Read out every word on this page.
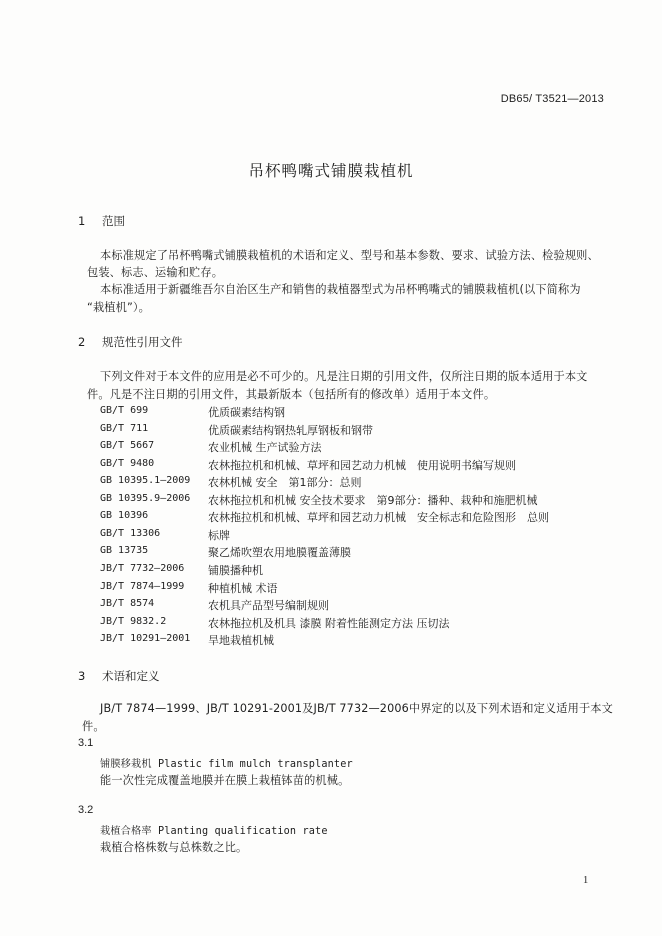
DB65/ T3521—2013
吊杯鸭嘴式铺膜栽植机
1 范围
本标准规定了吊杯鸭嘴式铺膜栽植机的术语和定义、型号和基本参数、要求、试验方法、检验规则、
包装、标志、运输和贮存。
本标准适用于新疆维吾尔自治区生产和销售的栽植器型式为吊杯鸭嘴式的铺膜栽植机(以下简称为
“栽植机”）。
2 规范性引用文件
下列文件对于本文件的应用是必不可少的。凡是注日期的引用文件，仅所注日期的版本适用于本文
件。凡是不注日期的引用文件，其最新版本（包括所有的修改单）适用于本文件。
GB/T 699	优质碳素结构钢
GB/T 711	优质碳素结构钢热轧厚钢板和钢带
GB/T 5667	农业机械 生产试验方法
GB/T 9480	农林拖拉机和机械、草坪和园艺动力机械　使用说明书编写规则
GB 10395.1—2009 农林机械 安全　第1部分：总则
GB 10395.9—2006 农林拖拉机和机械 安全技术要求　第9部分：播种、栽种和施肥机械
GB 10396	农林拖拉机和机械、草坪和园艺动力机械　安全标志和危险图形　总则
GB/T 13306	标牌
GB 13735	聚乙烯吹塑农用地膜覆盖薄膜
JB/T 7732—2006 铺膜播种机
JB/T 7874—1999 种植机械 术语
JB/T 8574	农机具产品型号编制规则
JB/T 9832.2	农林拖拉机及机具 漆膜 附着性能测定方法 压切法
JB/T 10291—2001 旱地栽植机械
3 术语和定义
JB/T 7874—1999、JB/T 10291-2001及JB/T 7732—2006中界定的以及下列术语和定义适用于本文
件。
3.1
铺膜移栽机 Plastic film mulch transplanter
能一次性完成覆盖地膜并在膜上栽植钵苗的机械。
3.2
栽植合格率 Planting qualification rate
栽植合格株数与总株数之比。
1
